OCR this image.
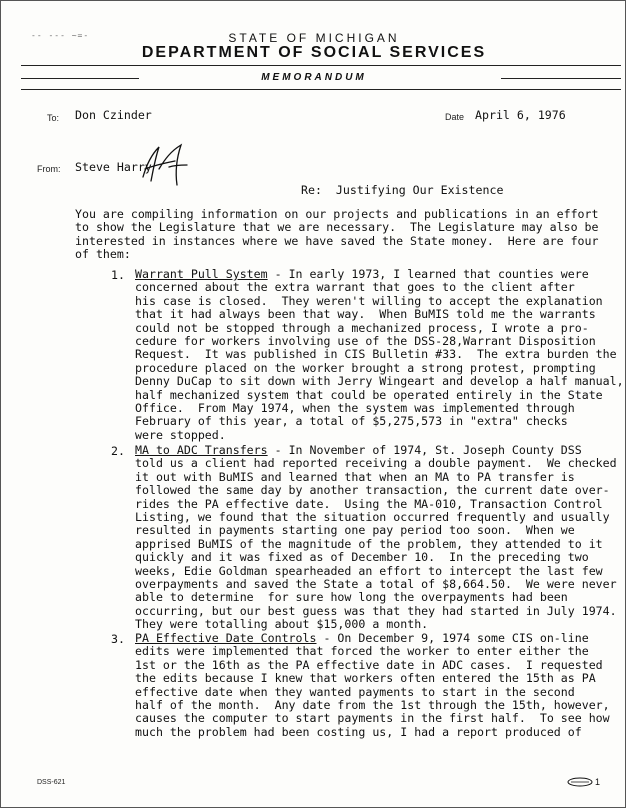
-- --- ~=-	STATE OF MICHIGAN
DEPARTMENT OF SOCIAL SERVICES
MEMORANDUM
To: Don Czinder	Date April 6, 1976
From: Steve Harry
Re:  Justifying Our Existence
You are compiling information on our projects and publications in an effort
to show the Legislature that we are necessary.  The Legislature may also be
interested in instances where we have saved the State money.  Here are four
of them:
1. Warrant Pull System - In early 1973, I learned that counties were
concerned about the extra warrant that goes to the client after
his case is closed.  They weren't willing to accept the explanation
that it had always been that way.  When BuMIS told me the warrants
could not be stopped through a mechanized process, I wrote a pro-
cedure for workers involving use of the DSS-28,Warrant Disposition
Request.  It was published in CIS Bulletin #33.  The extra burden the
procedure placed on the worker brought a strong protest, prompting
Denny DuCap to sit down with Jerry Wingeart and develop a half manual,
half mechanized system that could be operated entirely in the State
Office.  From May 1974, when the system was implemented through
February of this year, a total of $5,275,573 in "extra" checks
were stopped.
2. MA to ADC Transfers - In November of 1974, St. Joseph County DSS
told us a client had reported receiving a double payment.  We checked
it out with BuMIS and learned that when an MA to PA transfer is
followed the same day by another transaction, the current date over-
rides the PA effective date.  Using the MA-010, Transaction Control
Listing, we found that the situation occurred frequently and usually
resulted in payments starting one pay period too soon.  When we
apprised BuMIS of the magnitude of the problem, they attended to it
quickly and it was fixed as of December 10.  In the preceding two
weeks, Edie Goldman spearheaded an effort to intercept the last few
overpayments and saved the State a total of $8,664.50.  We were never
able to determine  for sure how long the overpayments had been
occurring, but our best guess was that they had started in July 1974.
They were totalling about $15,000 a month.
3. PA Effective Date Controls - On December 9, 1974 some CIS on-line
edits were implemented that forced the worker to enter either the
1st or the 16th as the PA effective date in ADC cases.  I requested
the edits because I knew that workers often entered the 15th as PA
effective date when they wanted payments to start in the second
half of the month.  Any date from the 1st through the 15th, however,
causes the computer to start payments in the first half.  To see how
much the problem had been costing us, I had a report produced of
DSS-621	1
